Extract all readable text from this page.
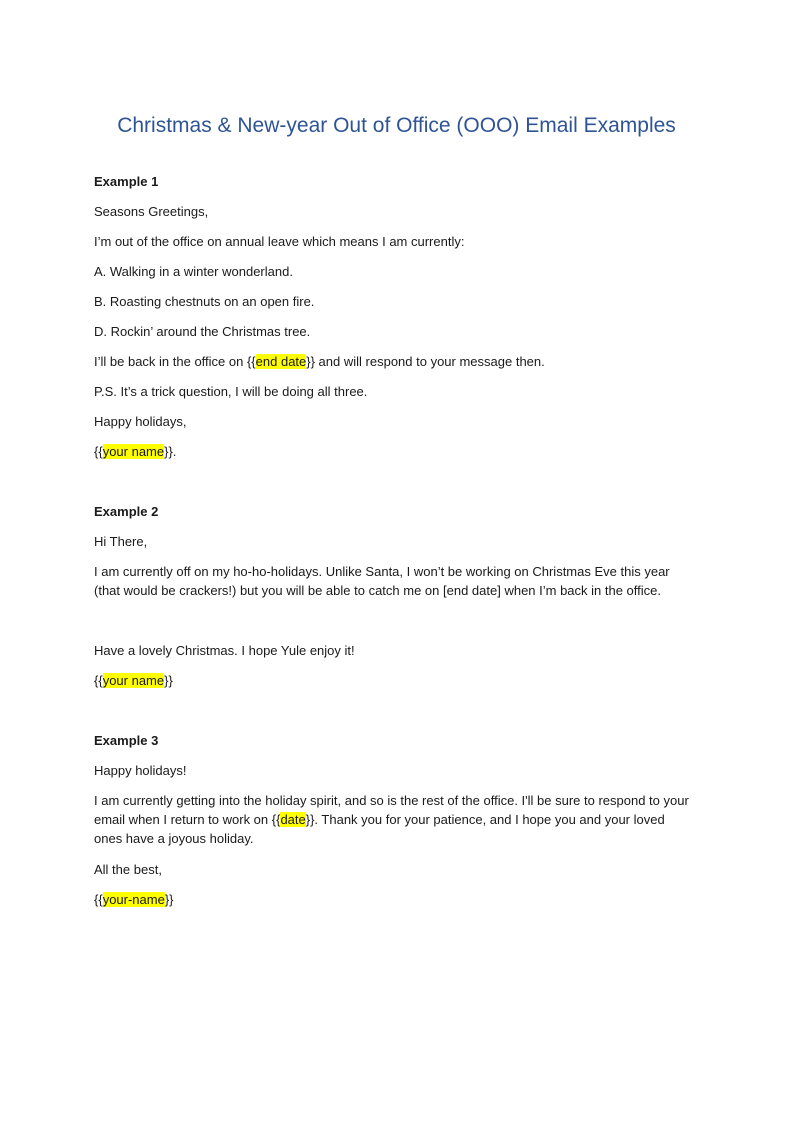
Christmas & New-year Out of Office (OOO) Email Examples

Example 1

Seasons Greetings,

I’m out of the office on annual leave which means I am currently:

A. Walking in a winter wonderland.

B. Roasting chestnuts on an open fire.

D. Rockin’ around the Christmas tree.

I’ll be back in the office on {{end date}} and will respond to your message then.

P.S. It’s a trick question, I will be doing all three.

Happy holidays,

{{your name}}.

Example 2

Hi There,

I am currently off on my ho-ho-holidays. Unlike Santa, I won’t be working on Christmas Eve this year (that would be crackers!) but you will be able to catch me on [end date] when I’m back in the office.

Have a lovely Christmas. I hope Yule enjoy it!

{{your name}}

Example 3

Happy holidays!

I am currently getting into the holiday spirit, and so is the rest of the office. I'll be sure to respond to your email when I return to work on {{date}}. Thank you for your patience, and I hope you and your loved ones have a joyous holiday.

All the best,

{{your-name}}
